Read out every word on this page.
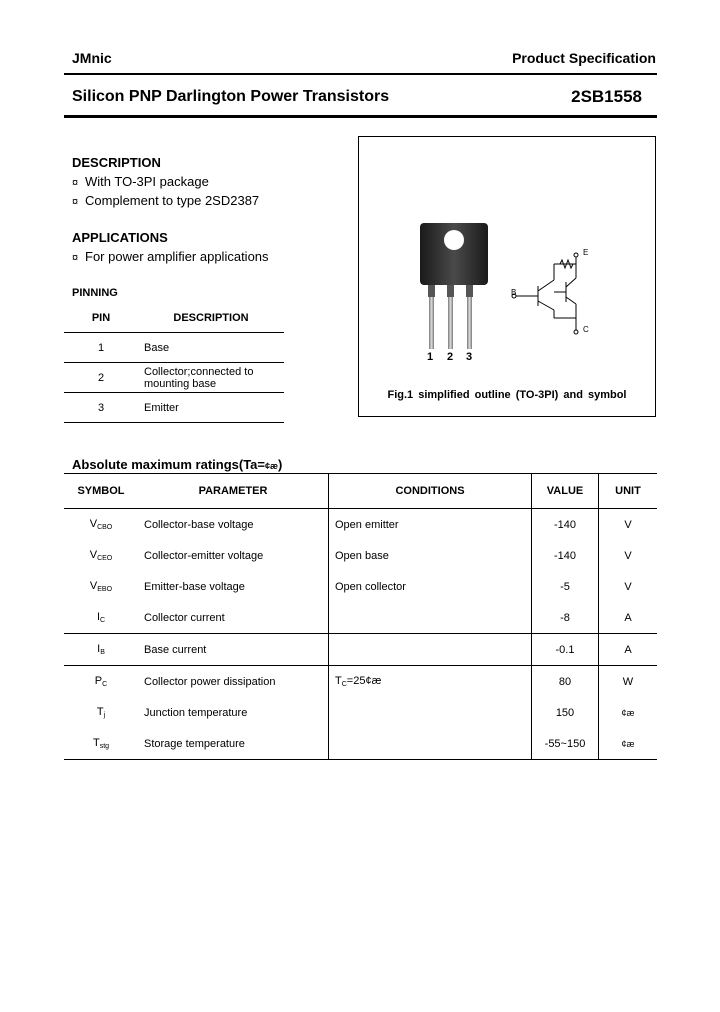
JMnic	Product Specification
Silicon PNP Darlington Power Transistors	2SB1558
DESCRIPTION
¤ With TO-3PI package
¤ Complement to type 2SD2387
APPLICATIONS
¤ For power amplifier applications
PINNING
PIN	DESCRIPTION
1	Base
2	Collector;connected to
mounting base
3	Emitter
1 2 3
B
E
C
Fig.1 simplified outline (TO-3PI) and symbol
Absolute maximum ratings(Ta=¢æ)
SYMBOL	PARAMETER	CONDITIONS	VALUE	UNIT
$V_{CBO}$	Collector-base voltage	Open emitter	-140	V
$V_{CEO}$	Collector-emitter voltage	Open base	-140	V
$V_{EBO}$	Emitter-base voltage	Open collector	-5	V
$I_C$	Collector current		-8	A
$I_B$	Base current		-0.1	A
$P_C$	Collector power dissipation	$T_C=25¢æ$	80	W
$T_j$	Junction temperature		150	¢æ
$T_{stg}$	Storage temperature		-55~150	¢æ
